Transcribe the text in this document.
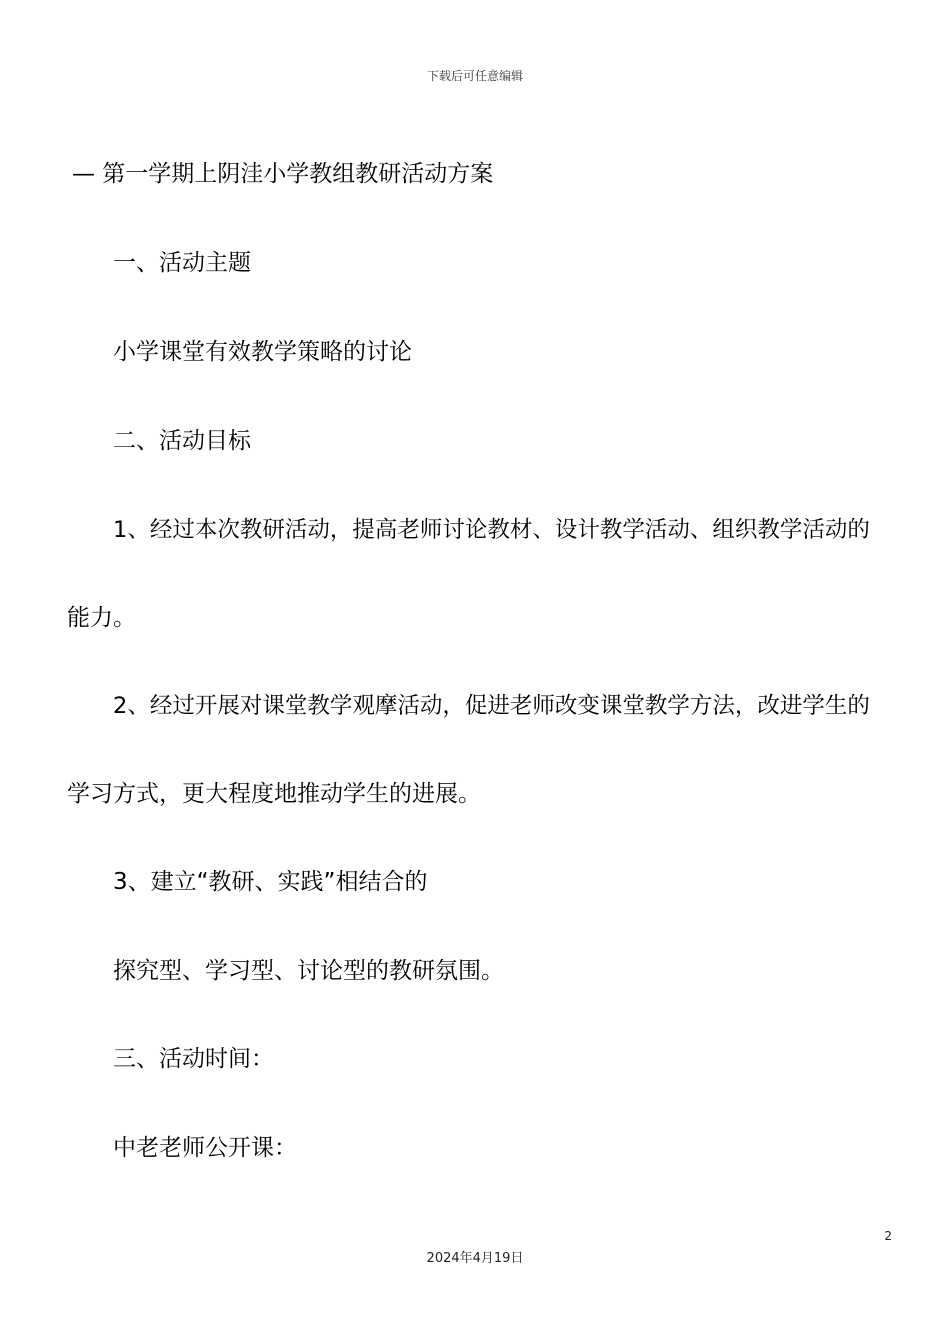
下载后可任意编辑
— 第一学期上阴洼小学教组教研活动方案
一、活动主题
小学课堂有效教学策略的讨论
二、活动目标
1、经过本次教研活动，提高老师讨论教材、设计教学活动、组织教学活动的
能力。
2、经过开展对课堂教学观摩活动，促进老师改变课堂教学方法，改进学生的
学习方式，更大程度地推动学生的进展。
3、建立“教研、实践”相结合的
探究型、学习型、讨论型的教研氛围。
三、活动时间：
中老老师公开课：
2
2024年4月19日
